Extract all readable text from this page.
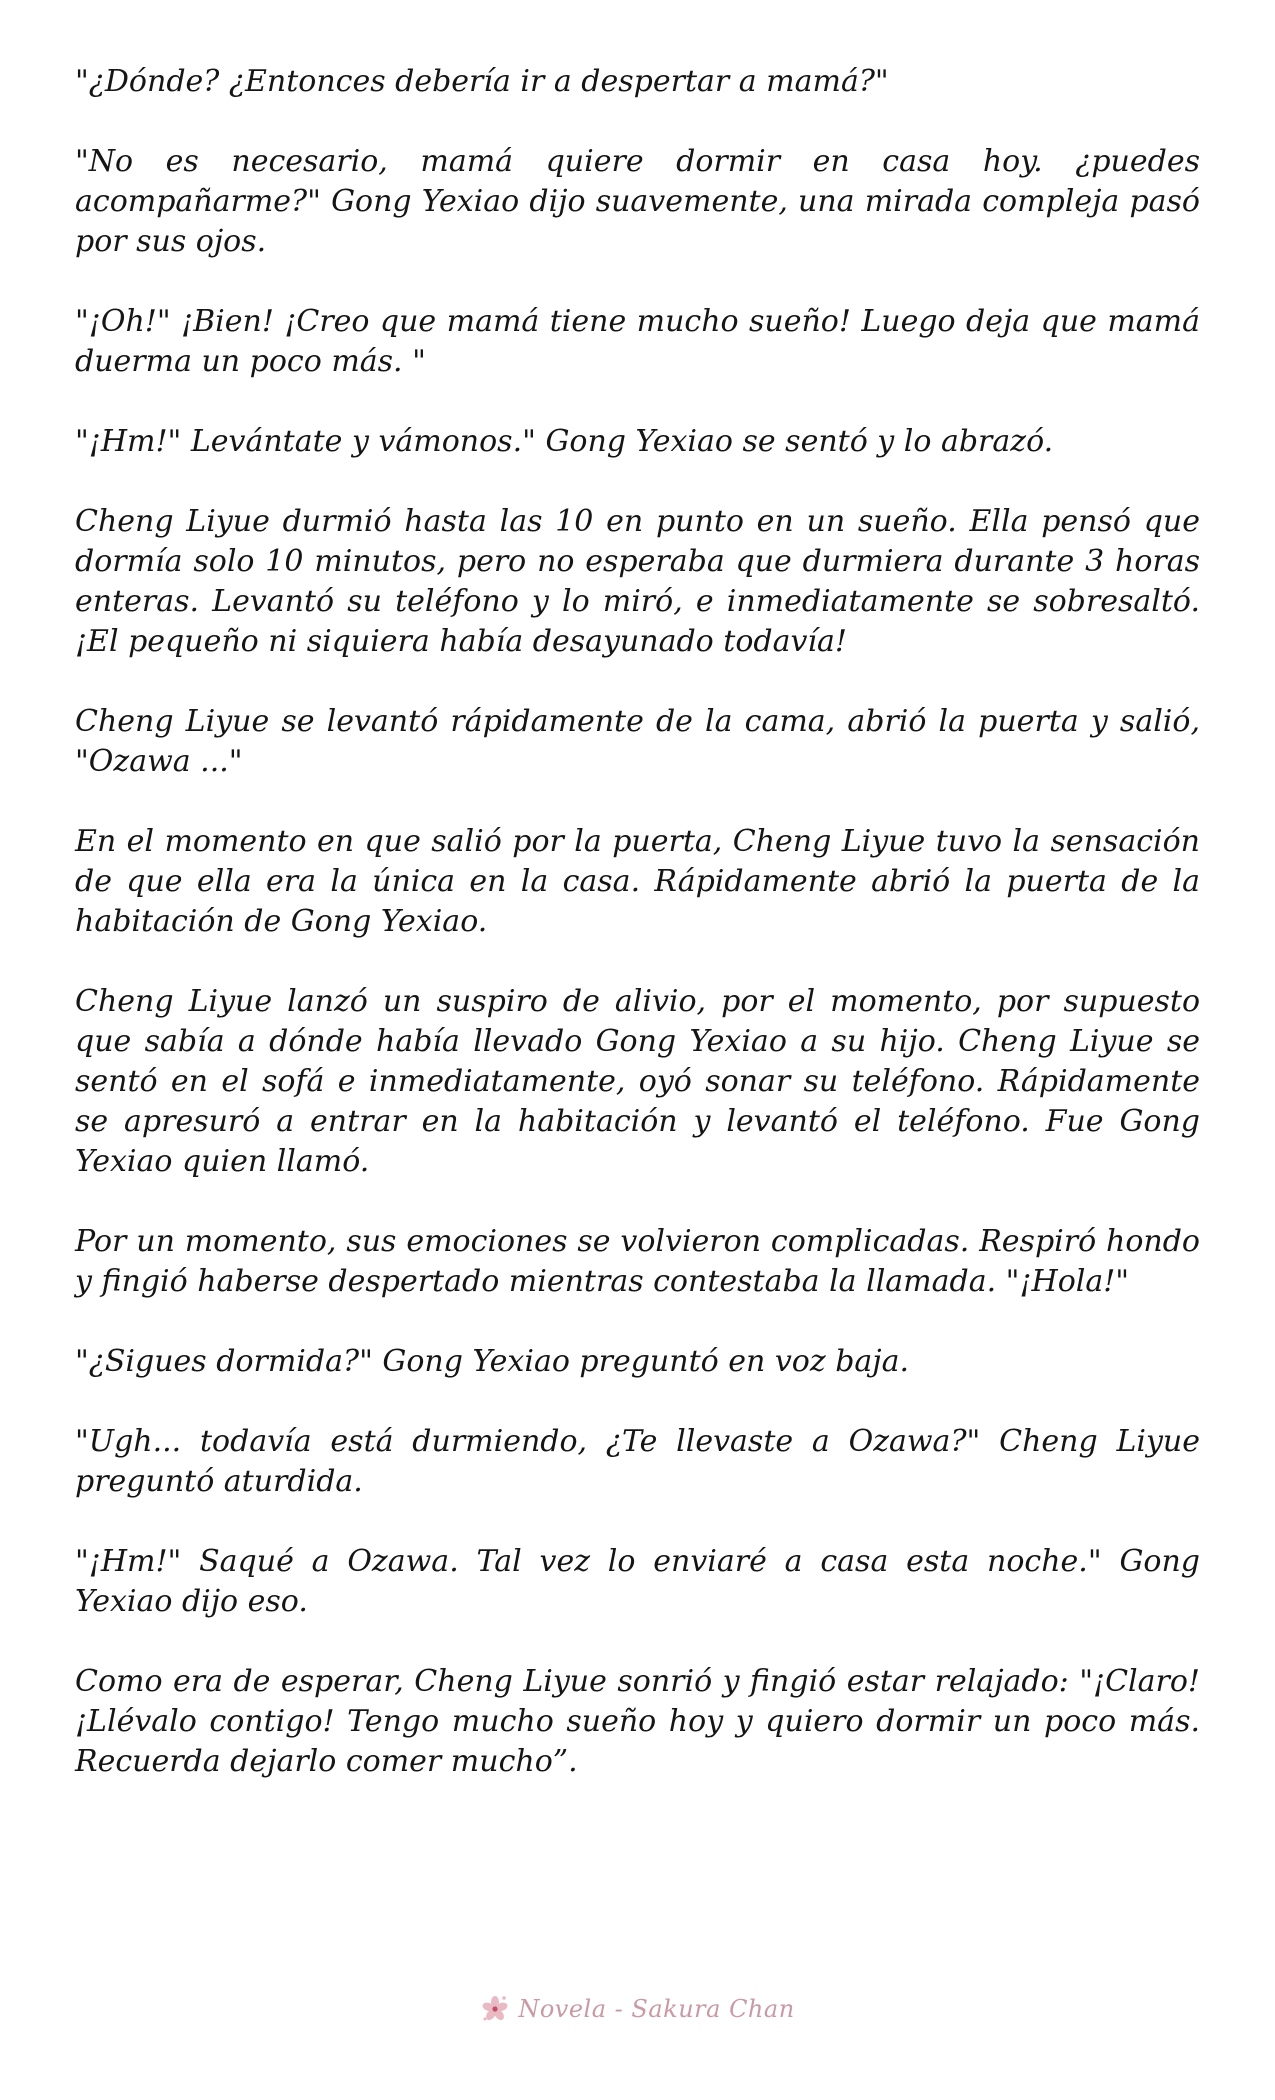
"¿Dónde? ¿Entonces debería ir a despertar a mamá?"

"No es necesario, mamá quiere dormir en casa hoy. ¿puedes acompañarme?" Gong Yexiao dijo suavemente, una mirada compleja pasó por sus ojos.

"¡Oh!" ¡Bien! ¡Creo que mamá tiene mucho sueño! Luego deja que mamá duerma un poco más. "

"¡Hm!" Levántate y vámonos." Gong Yexiao se sentó y lo abrazó.

Cheng Liyue durmió hasta las 10 en punto en un sueño. Ella pensó que dormía solo 10 minutos, pero no esperaba que durmiera durante 3 horas enteras. Levantó su teléfono y lo miró, e inmediatamente se sobresaltó. ¡El pequeño ni siquiera había desayunado todavía!

Cheng Liyue se levantó rápidamente de la cama, abrió la puerta y salió, "Ozawa ..."

En el momento en que salió por la puerta, Cheng Liyue tuvo la sensación de que ella era la única en la casa. Rápidamente abrió la puerta de la habitación de Gong Yexiao.

Cheng Liyue lanzó un suspiro de alivio, por el momento, por supuesto que sabía a dónde había llevado Gong Yexiao a su hijo. Cheng Liyue se sentó en el sofá e inmediatamente, oyó sonar su teléfono. Rápidamente se apresuró a entrar en la habitación y levantó el teléfono. Fue Gong Yexiao quien llamó.

Por un momento, sus emociones se volvieron complicadas. Respiró hondo y fingió haberse despertado mientras contestaba la llamada. "¡Hola!"

"¿Sigues dormida?" Gong Yexiao preguntó en voz baja.

"Ugh... todavía está durmiendo, ¿Te llevaste a Ozawa?" Cheng Liyue preguntó aturdida.

"¡Hm!" Saqué a Ozawa. Tal vez lo enviaré a casa esta noche." Gong Yexiao dijo eso.

Como era de esperar, Cheng Liyue sonrió y fingió estar relajado: "¡Claro! ¡Llévalo contigo! Tengo mucho sueño hoy y quiero dormir un poco más. Recuerda dejarlo comer mucho”.

Novela - Sakura Chan
